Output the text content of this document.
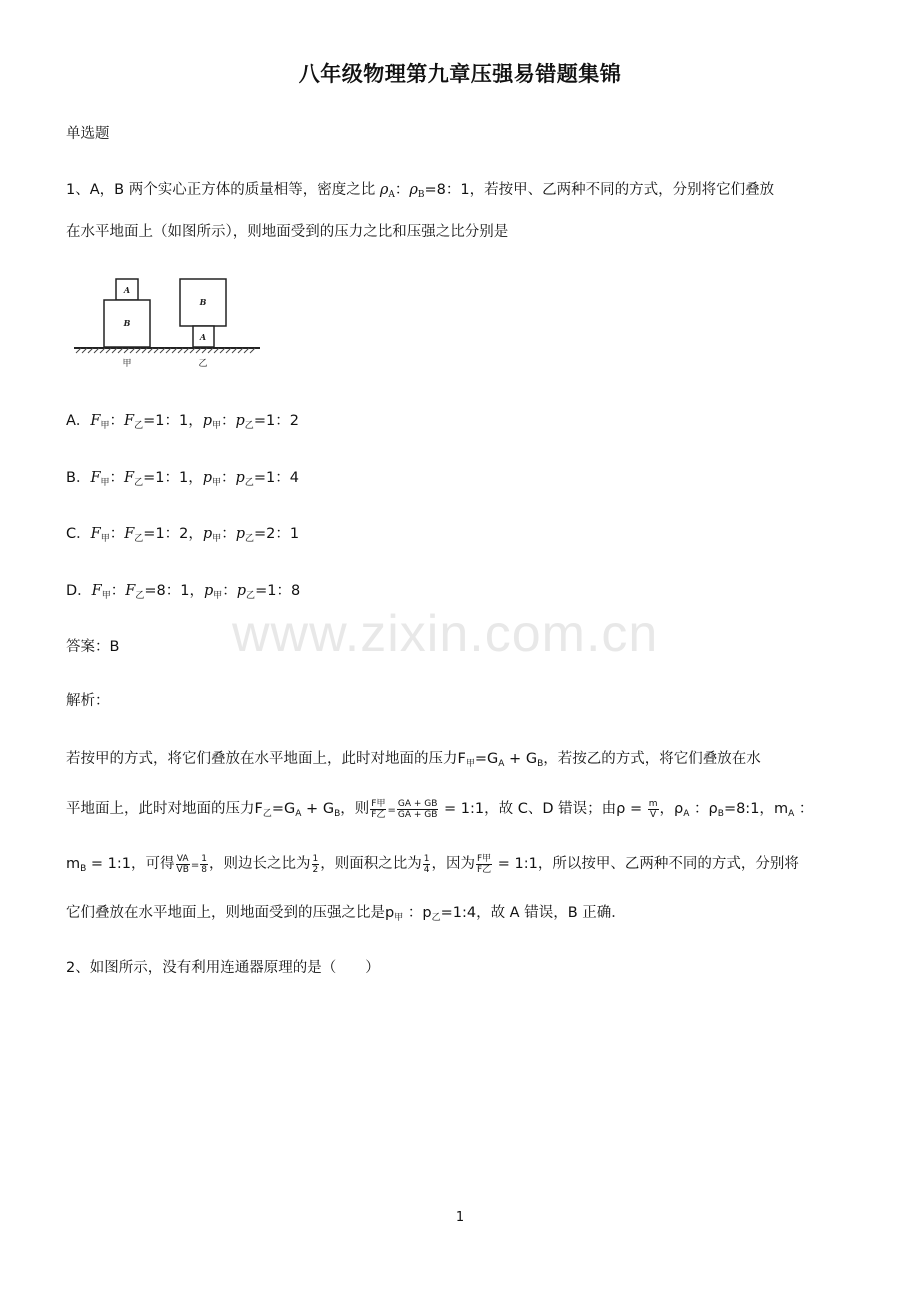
八年级物理第九章压强易错题集锦
单选题
1、A，B 两个实心正方体的质量相等，密度之比 $\rho_A$：$\rho_B=8$：1，若按甲、乙两种不同的方式，分别将它们叠放
在水平地面上（如图所示），则地面受到的压力之比和压强之比分别是
A
B
B
A
甲	乙
A．$F_甲$：$F_乙=1$：1，$p_甲$：$p_乙=1$：2
B．$F_甲$：$F_乙=1$：1，$p_甲$：$p_乙=1$：4
C．$F_甲$：$F_乙=1$：2，$p_甲$：$p_乙=2$：1
D．$F_甲$：$F_乙=8$：1，$p_甲$：$p_乙=1$：8
www.zixin.com.cn
答案：B
解析：
若按甲的方式，将它们叠放在水平地面上，此时对地面的压力$F_甲=G_A + G_B$，若按乙的方式，将它们叠放在水
平地面上，此时对地面的压力$F_乙=G_A + G_B$，则 $\frac{\text{F甲}}{\text{F乙}} = \frac{GA + GB}{GA + GB}$ = 1:1，故 C、D 错误；由$\rho = \frac{m}{V}$ ，$\rho_A$ ：$\rho_B=8:1$，$m_A$ ：
$m_B$ = 1:1，可得 $\frac{VA}{VB} = \frac{1}{8}$ ，则边长之比为 $\frac{1}{2}$ ，则面积之比为 $\frac{1}{4}$ ，因为 $\frac{\text{F甲}}{\text{F乙}}$ = 1:1，所以按甲、乙两种不同的方式，分别将
它们叠放在水平地面上，则地面受到的压强之比是$p_甲$ ：$p_乙=1:4$，故 A 错误，B 正确．
2、如图所示，没有利用连通器原理的是（　　）
1
